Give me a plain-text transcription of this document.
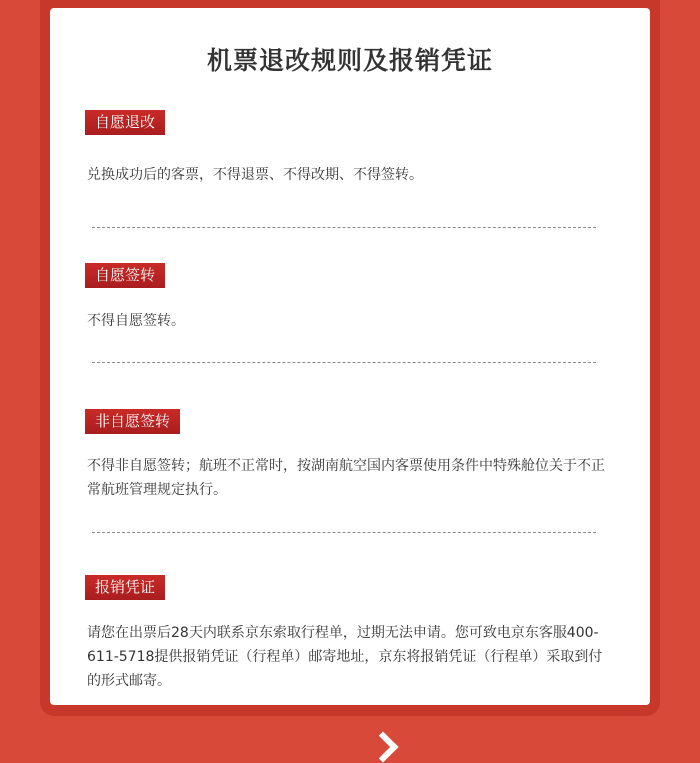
机票退改规则及报销凭证
自愿退改
兑换成功后的客票，不得退票、不得改期、不得签转。
自愿签转
不得自愿签转。
非自愿签转
不得非自愿签转；航班不正常时，按湖南航空国内客票使用条件中特殊舱位关于不正常航班管理规定执行。
报销凭证
请您在出票后28天内联系京东索取行程单，过期无法申请。您可致电京东客服400-611-5718提供报销凭证（行程单）邮寄地址，京东将报销凭证（行程单）采取到付的形式邮寄。
